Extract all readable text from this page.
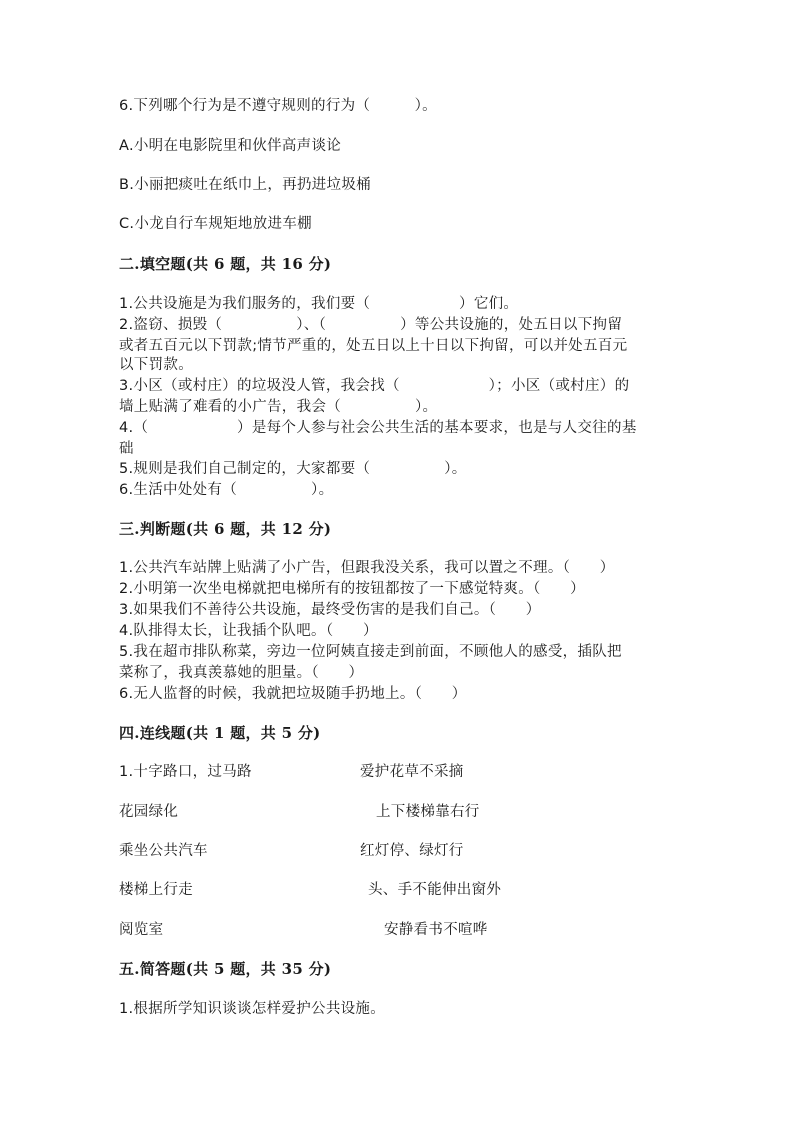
6.下列哪个行为是不遵守规则的行为（　　　）。
A.小明在电影院里和伙伴高声谈论
B.小丽把痰吐在纸巾上，再扔进垃圾桶
C.小龙自行车规矩地放进车棚
二.填空题(共 6 题，共 16 分)
1.公共设施是为我们服务的，我们要（　　　　　　）它们。
2.盗窃、损毁（　　　　　）、（　　　　　）等公共设施的，处五日以下拘留
或者五百元以下罚款;情节严重的，处五日以上十日以下拘留，可以并处五百元
以下罚款。
3.小区（或村庄）的垃圾没人管，我会找（　　　　　　）；小区（或村庄）的
墙上贴满了难看的小广告，我会（　　　　　）。
4.（　　　　　　）是每个人参与社会公共生活的基本要求，也是与人交往的基
础
5.规则是我们自己制定的，大家都要（　　　　　）。
6.生活中处处有（　　　　　）。
三.判断题(共 6 题，共 12 分)
1.公共汽车站牌上贴满了小广告，但跟我没关系，我可以置之不理。（　　）
2.小明第一次坐电梯就把电梯所有的按钮都按了一下感觉特爽。（　　）
3.如果我们不善待公共设施，最终受伤害的是我们自己。（　　）
4.队排得太长，让我插个队吧。（　　）
5.我在超市排队称菜，旁边一位阿姨直接走到前面，不顾他人的感受，插队把
菜称了，我真羡慕她的胆量。（　　）
6.无人监督的时候，我就把垃圾随手扔地上。（　　）
四.连线题(共 1 题，共 5 分)
1.十字路口，过马路	爱护花草不采摘
花园绿化	上下楼梯靠右行
乘坐公共汽车	红灯停、绿灯行
楼梯上行走	头、手不能伸出窗外
阅览室	安静看书不喧哗
五.简答题(共 5 题，共 35 分)
1.根据所学知识谈谈怎样爱护公共设施。
